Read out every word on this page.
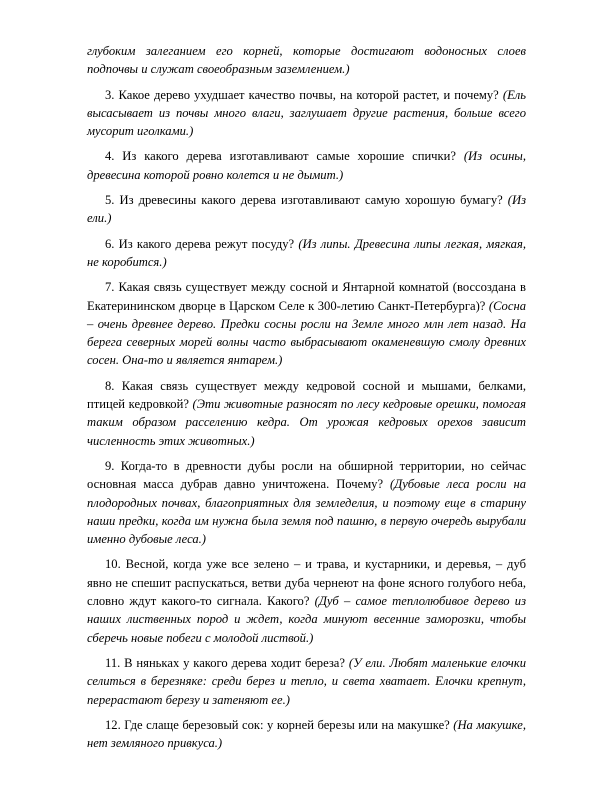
глубоким залеганием его корней, которые достигают водоносных слоев подпочвы и служат своеобразным заземлением.)

3. Какое дерево ухудшает качество почвы, на которой растет, и почему? (Ель высасывает из почвы много влаги, заглушает другие растения, больше всего мусорит иголками.)

4. Из какого дерева изготавливают самые хорошие спички? (Из осины, древесина которой ровно колется и не дымит.)

5. Из древесины какого дерева изготавливают самую хорошую бумагу? (Из ели.)

6. Из какого дерева режут посуду? (Из липы. Древесина липы легкая, мягкая, не коробится.)

7. Какая связь существует между сосной и Янтарной комнатой (воссоздана в Екатерининском дворце в Царском Селе к 300-летию Санкт-Петербурга)? (Сосна – очень древнее дерево. Предки сосны росли на Земле много млн лет назад. На берега северных морей волны часто выбрасывают окаменевшую смолу древних сосен. Она-то и является янтарем.)

8. Какая связь существует между кедровой сосной и мышами, белками, птицей кедровкой? (Эти животные разносят по лесу кедровые орешки, помогая таким образом расселению кедра. От урожая кедровых орехов зависит численность этих животных.)

9. Когда-то в древности дубы росли на обширной территории, но сейчас основная масса дубрав давно уничтожена. Почему? (Дубовые леса росли на плодородных почвах, благоприятных для земледелия, и поэтому еще в старину наши предки, когда им нужна была земля под пашню, в первую очередь вырубали именно дубовые леса.)

10. Весной, когда уже все зелено – и трава, и кустарники, и деревья, – дуб явно не спешит распускаться, ветви дуба чернеют на фоне ясного голубого неба, словно ждут какого-то сигнала. Какого? (Дуб – самое теплолюбивое дерево из наших лиственных пород и ждет, когда минуют весенние заморозки, чтобы сберечь новые побеги с молодой листвой.)

11. В няньках у какого дерева ходит береза? (У ели. Любят маленькие елочки селиться в березняке: среди берез и тепло, и света хватает. Елочки крепнут, перерастают березу и затеняют ее.)

12. Где слаще березовый сок: у корней березы или на макушке? (На макушке, нет земляного привкуса.)
